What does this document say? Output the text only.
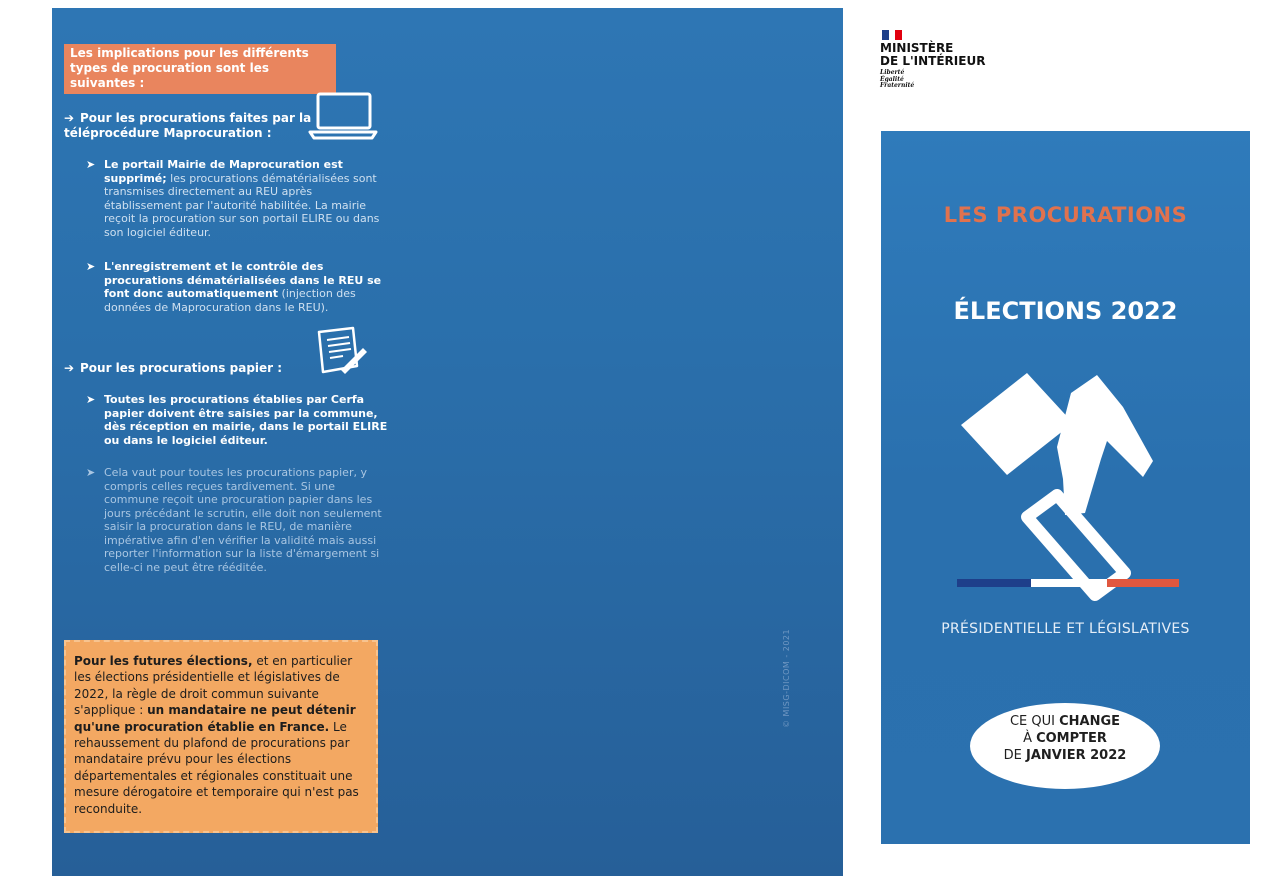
Les implications pour les différents types de procuration sont les suivantes :
➔ Pour les procurations faites par la téléprocédure Maprocuration :
➤ Le portail Mairie de Maprocuration est supprimé; les procurations dématérialisées sont transmises directement au REU après établissement par l'autorité habilitée. La mairie reçoit la procuration sur son portail ELIRE ou dans son logiciel éditeur.
➤ L'enregistrement et le contrôle des procurations dématérialisées dans le REU se font donc automatiquement (injection des données de Maprocuration dans le REU).
➔ Pour les procurations papier :
➤ Toutes les procurations établies par Cerfa papier doivent être saisies par la commune, dès réception en mairie, dans le portail ELIRE ou dans le logiciel éditeur.
➤ Cela vaut pour toutes les procurations papier, y compris celles reçues tardivement. Si une commune reçoit une procuration papier dans les jours précédant le scrutin, elle doit non seulement saisir la procuration dans le REU, de manière impérative afin d'en vérifier la validité mais aussi reporter l'information sur la liste d'émargement si celle-ci ne peut être rééditée.
Pour les futures élections, et en particulier les élections présidentielle et législatives de 2022, la règle de droit commun suivante s'applique : un mandataire ne peut détenir qu'une procuration établie en France. Le rehaussement du plafond de procurations par mandataire prévu pour les élections départementales et régionales constituait une mesure dérogatoire et temporaire qui n'est pas reconduite.
© MISG-DICOM - 2021
MINISTÈRE
DE L'INTÉRIEUR
Liberté
Égalité
Fraternité
LES PROCURATIONS
ÉLECTIONS 2022
PRÉSIDENTIELLE ET LÉGISLATIVES
CE QUI CHANGE
À COMPTER
DE JANVIER 2022
